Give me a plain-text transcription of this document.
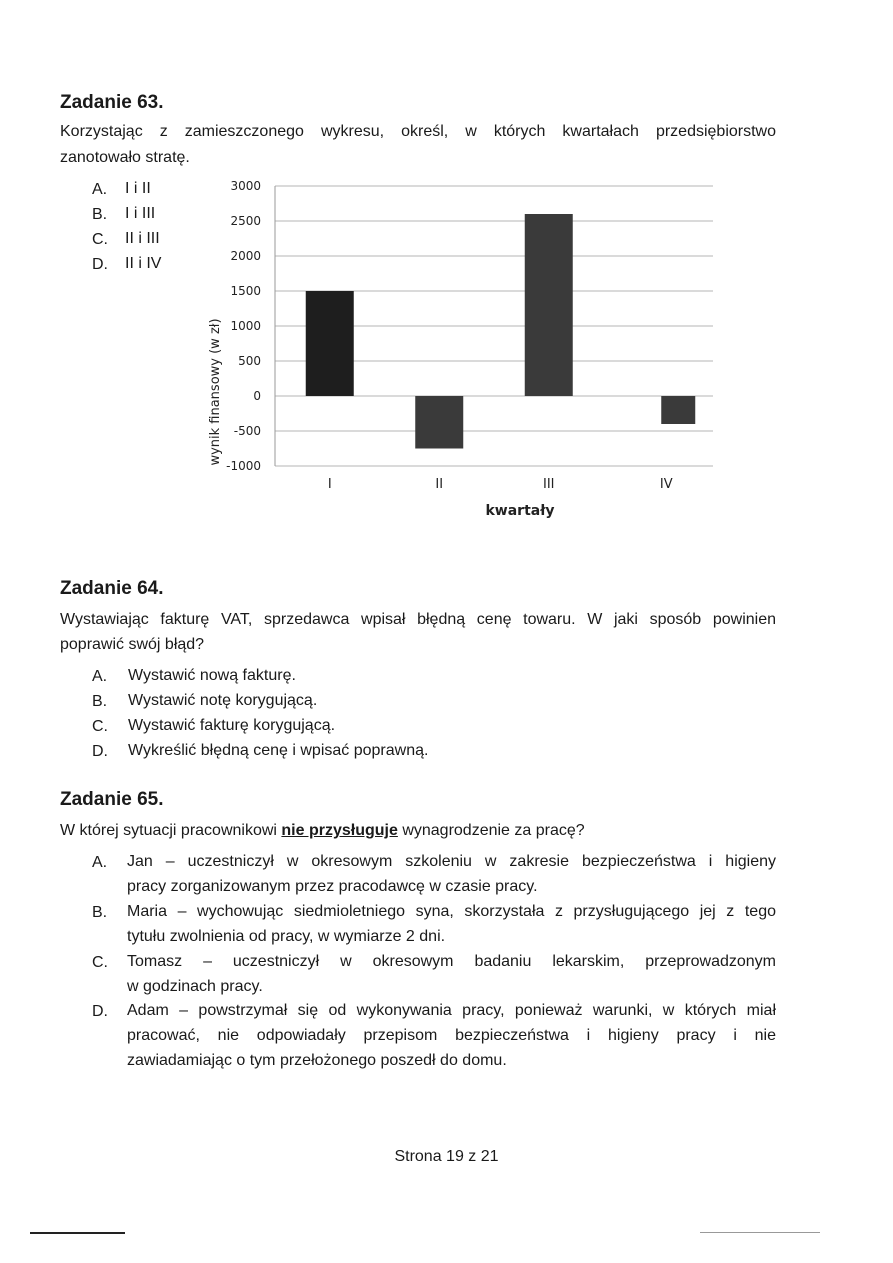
Zadanie 63.
Korzystając z zamieszczonego wykresu, określ, w których kwartałach przedsiębiorstwo
zanotowało stratę.
A. I i II
B. I i III
C. II i III
D. II i IV
3000
2500
2000
1500
1000
500
0
-500
-1000
I	II	III	IV
wynik finansowy (w zł)
kwartały
Zadanie 64.
Wystawiając fakturę VAT, sprzedawca wpisał błędną cenę towaru. W jaki sposób powinien
poprawić swój błąd?
A. Wystawić nową fakturę.
B. Wystawić notę korygującą.
C. Wystawić fakturę korygującą.
D. Wykreślić błędną cenę i wpisać poprawną.
Zadanie 65.
W której sytuacji pracownikowi nie przysługuje wynagrodzenie za pracę?
A. Jan – uczestniczył w okresowym szkoleniu w zakresie bezpieczeństwa i higieny
pracy zorganizowanym przez pracodawcę w czasie pracy.
B. Maria – wychowując siedmioletniego syna, skorzystała z przysługującego jej z tego
tytułu zwolnienia od pracy, w wymiarze 2 dni.
C. Tomasz – uczestniczył w okresowym badaniu lekarskim, przeprowadzonym
w godzinach pracy.
D. Adam – powstrzymał się od wykonywania pracy, ponieważ warunki, w których miał
pracować, nie odpowiadały przepisom bezpieczeństwa i higieny pracy i nie
zawiadamiając o tym przełożonego poszedł do domu.
Strona 19 z 21
